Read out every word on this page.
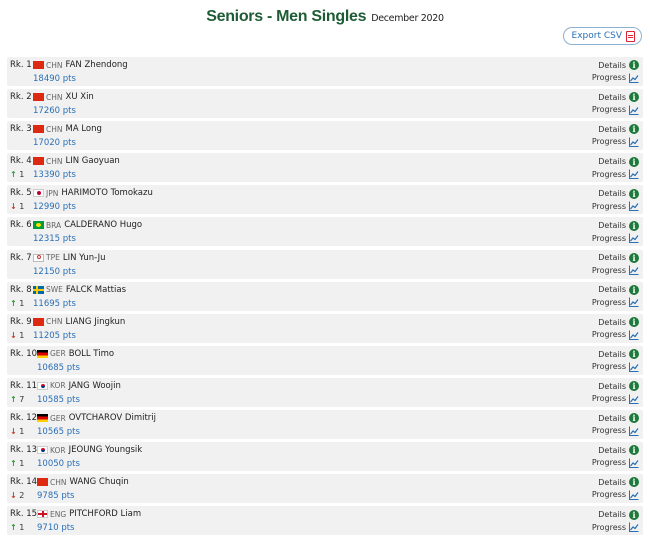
Seniors - Men Singles December 2020
Export CSV
Rk. 1 CHN FAN Zhendong
18490 pts
Details i
Progress
Rk. 2 CHN XU Xin
17260 pts
Details i
Progress
Rk. 3 CHN MA Long
17020 pts
Details i
Progress
Rk. 4
↑ 1
CHN LIN Gaoyuan
13390 pts
Details i
Progress
Rk. 5
↓ 1
JPN HARIMOTO Tomokazu
12990 pts
Details i
Progress
Rk. 6 BRA CALDERANO Hugo
12315 pts
Details i
Progress
Rk. 7 TPE LIN Yun-Ju
12150 pts
Details i
Progress
Rk. 8
↑ 1
SWE FALCK Mattias
11695 pts
Details i
Progress
Rk. 9
↓ 1
CHN LIANG Jingkun
11205 pts
Details i
Progress
Rk. 10 GER BOLL Timo
10685 pts
Details i
Progress
Rk. 11
↑ 7
KOR JANG Woojin
10585 pts
Details i
Progress
Rk. 12
↓ 1
GER OVTCHAROV Dimitrij
10565 pts
Details i
Progress
Rk. 13
↑ 1
KOR JEOUNG Youngsik
10050 pts
Details i
Progress
Rk. 14
↓ 2
CHN WANG Chuqin
9785 pts
Details i
Progress
Rk. 15
↑ 1
ENG PITCHFORD Liam
9710 pts
Details i
Progress
